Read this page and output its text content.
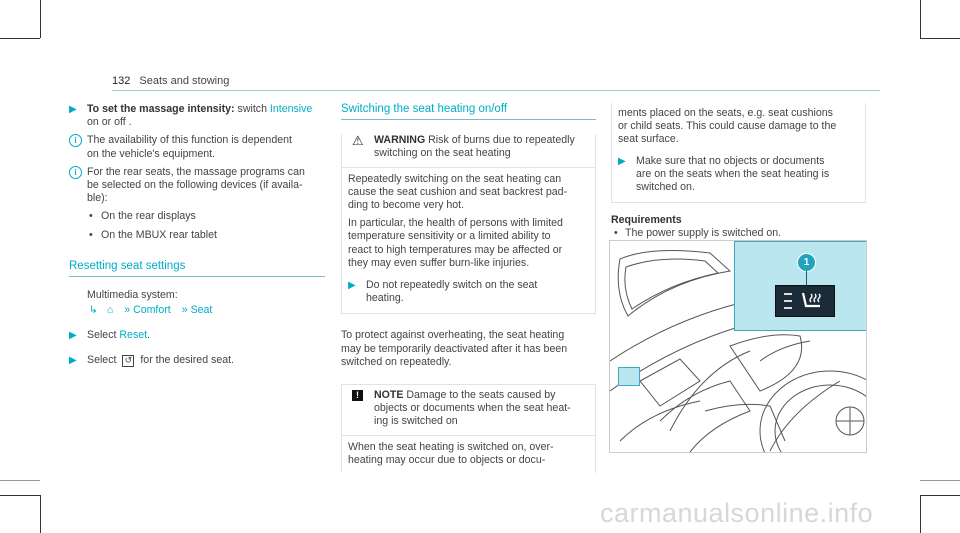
132 Seats and stowing
▶ To set the massage intensity: switch Intensive
on or off .
i The availability of this function is dependent
on the vehicle's equipment.
i For the rear seats, the massage programs can
be selected on the following devices (if availa-
ble):
• On the rear displays
• On the MBUX rear tablet
Resetting seat settings
Multimedia system:
↳ ⌂ » Comfort » Seat
▶ Select Reset.
▶ Select ↺ for the desired seat.
Switching the seat heating on/off
⚠ WARNING Risk of burns due to repeatedly
switching on the seat heating
Repeatedly switching on the seat heating can
cause the seat cushion and seat backrest pad-
ding to become very hot.
In particular, the health of persons with limited
temperature sensitivity or a limited ability to
react to high temperatures may be affected or
they may even suffer burn-like injuries.
▶ Do not repeatedly switch on the seat
heating.
To protect against overheating, the seat heating
may be temporarily deactivated after it has been
switched on repeatedly.
!	NOTE Damage to the seats caused by
objects or documents when the seat heat-
ing is switched on
When the seat heating is switched on, over-
heating may occur due to objects or docu-
ments placed on the seats, e.g. seat cushions
or child seats. This could cause damage to the
seat surface.
▶ Make sure that no objects or documents
are on the seats when the seat heating is
switched on.
Requirements
• The power supply is switched on.
1
carmanualsonline.info
